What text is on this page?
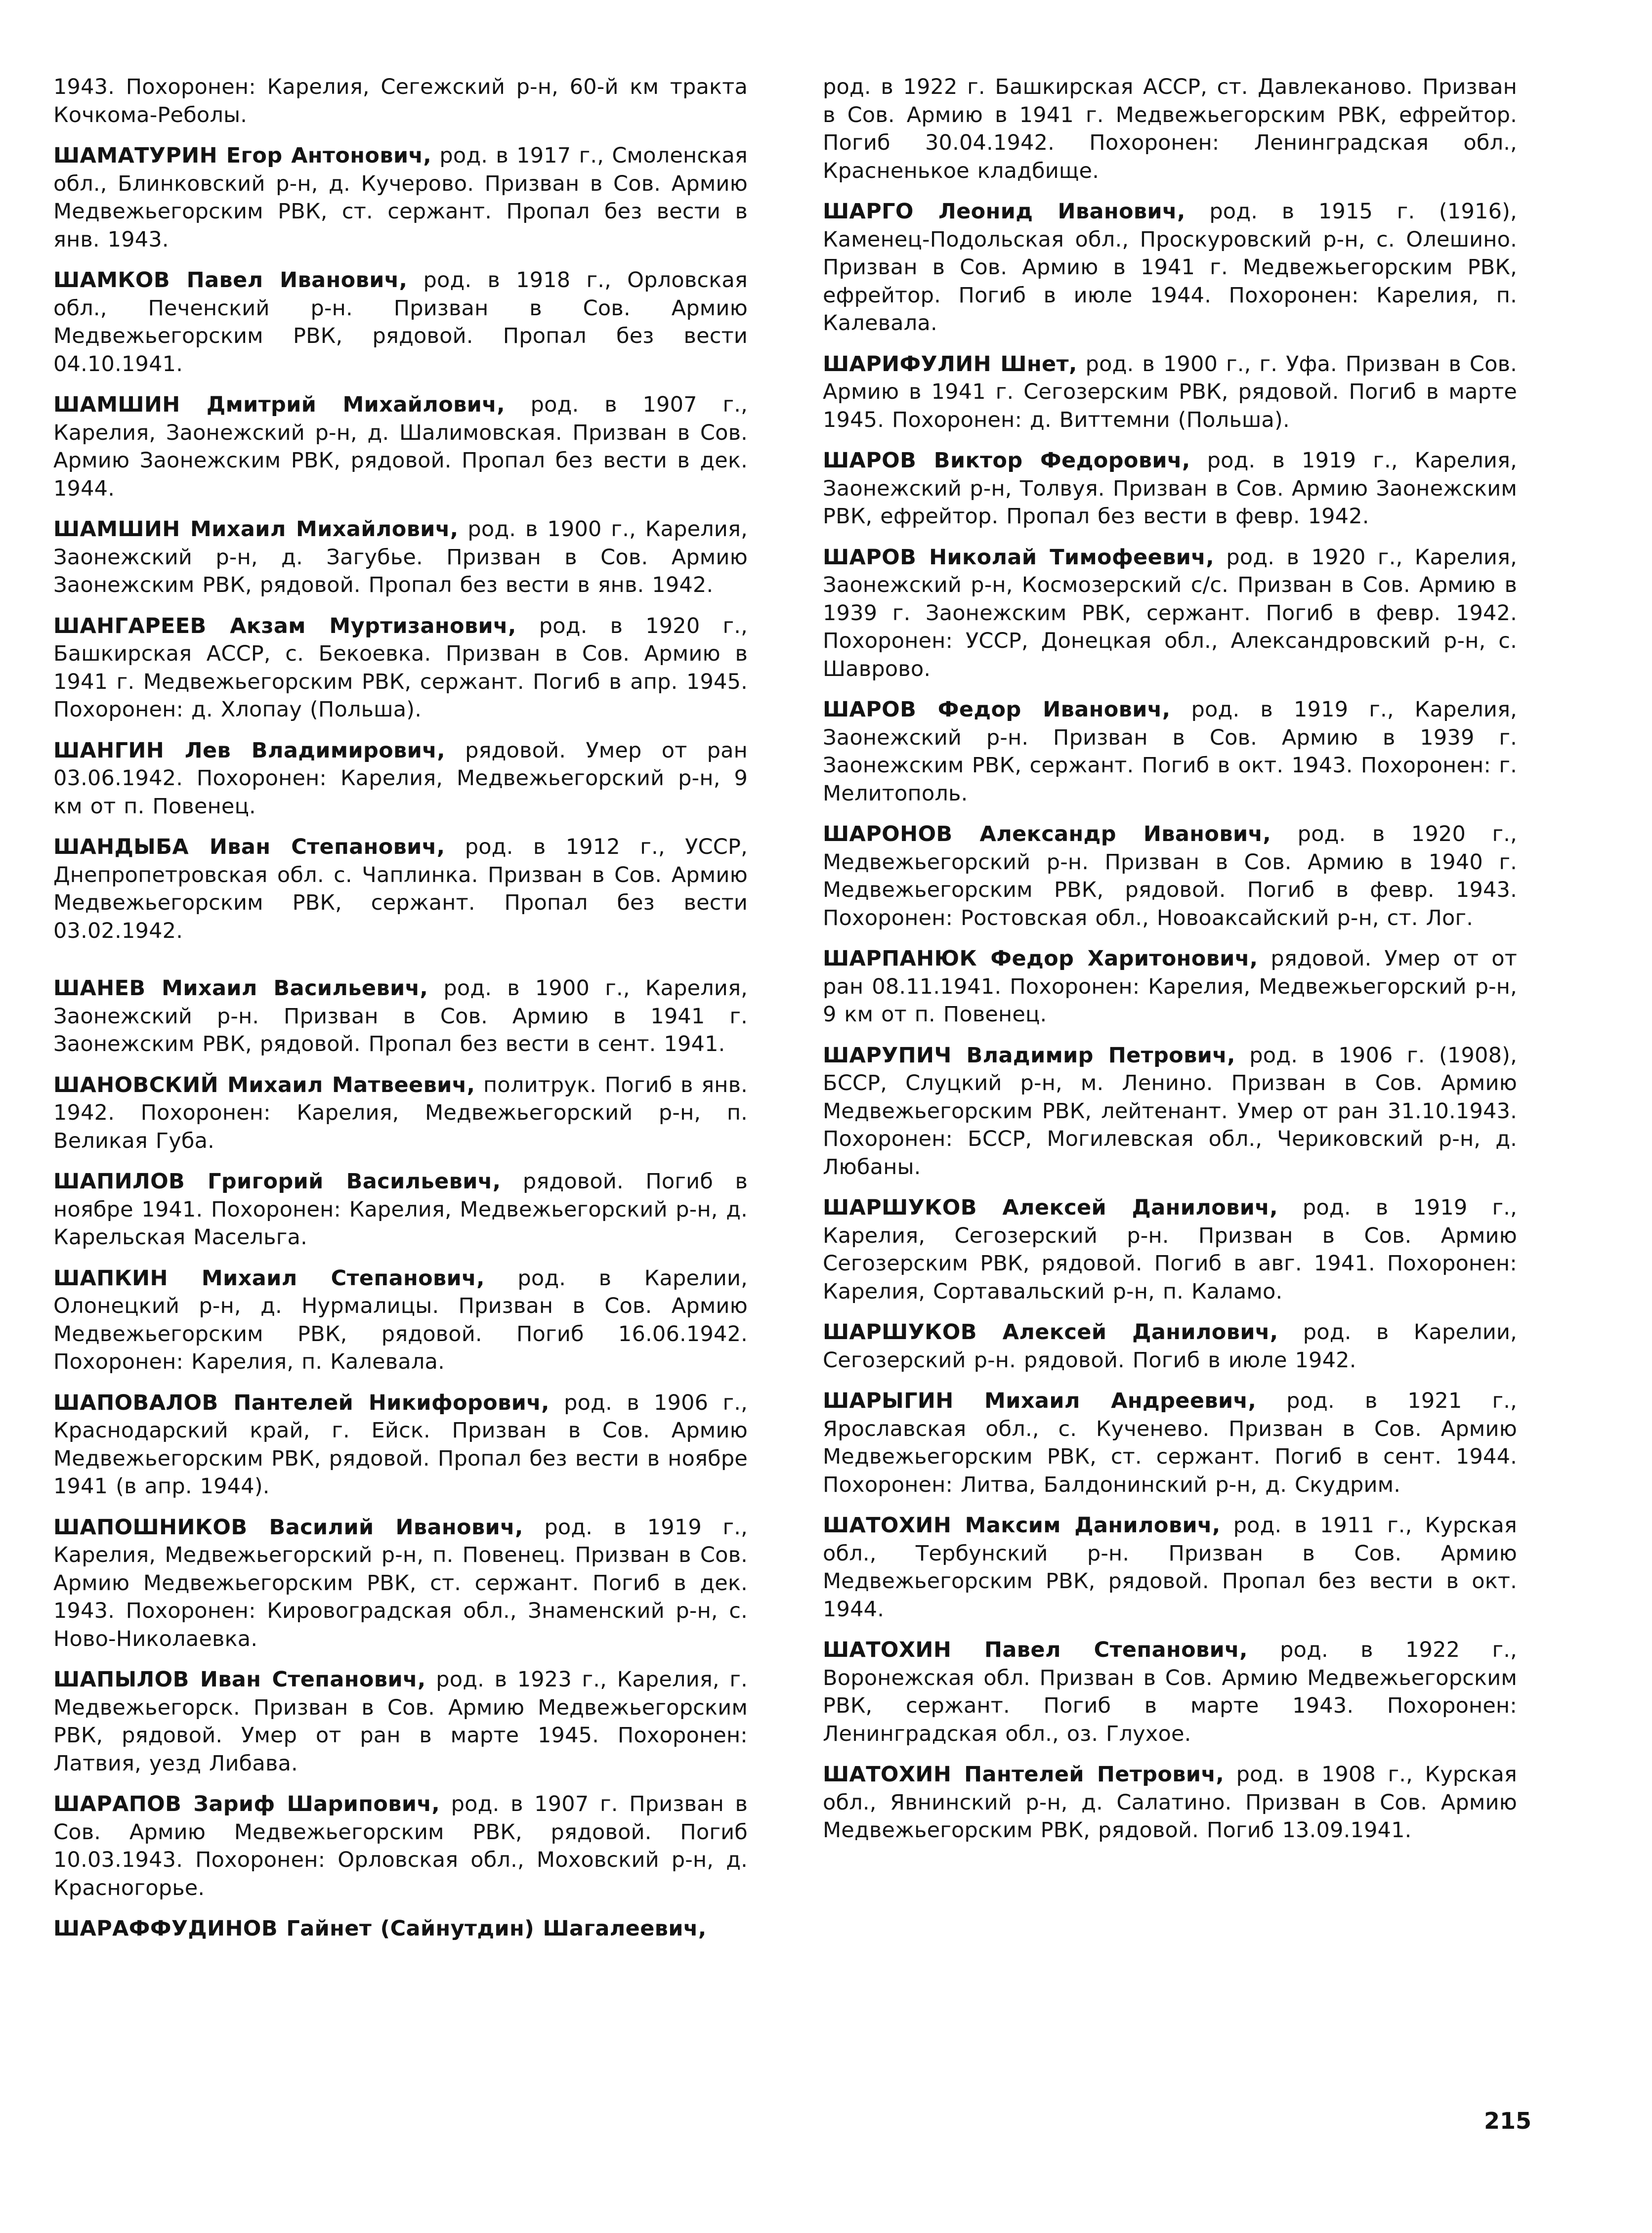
1943. Похоронен: Карелия, Сегежский р-н, 60-й км тракта Кочкома-Реболы.

ШАМАТУРИН Егор Антонович, род. в 1917 г., Смоленская обл., Блинковский р-н, д. Кучерово. Призван в Сов. Армию Медвежьегорским РВК, ст. сержант. Пропал без вести в янв. 1943.

ШАМКОВ Павел Иванович, род. в 1918 г., Орловская обл., Печенский р-н. Призван в Сов. Армию Медвежьегорским РВК, рядовой. Пропал без вести 04.10.1941.

ШАМШИН Дмитрий Михайлович, род. в 1907 г., Карелия, Заонежский р-н, д. Шалимовская. Призван в Сов. Армию Заонежским РВК, рядовой. Пропал без вести в дек. 1944.

ШАМШИН Михаил Михайлович, род. в 1900 г., Карелия, Заонежский р-н, д. Загубье. Призван в Сов. Армию Заонежским РВК, рядовой. Пропал без вести в янв. 1942.

ШАНГАРЕЕВ Акзам Муртизанович, род. в 1920 г., Башкирская АССР, с. Бекоевка. Призван в Сов. Армию в 1941 г. Медвежьегорским РВК, сержант. Погиб в апр. 1945. Похоронен: д. Хлопау (Польша).

ШАНГИН Лев Владимирович, рядовой. Умер от ран 03.06.1942. Похоронен: Карелия, Медвежьегорский р-н, 9 км от п. Повенец.

ШАНДЫБА Иван Степанович, род. в 1912 г., УССР, Днепропетровская обл. с. Чаплинка. Призван в Сов. Армию Медвежьегорским РВК, сержант. Пропал без вести 03.02.1942.

ШАНЕВ Михаил Васильевич, род. в 1900 г., Карелия, Заонежский р-н. Призван в Сов. Армию в 1941 г. Заонежским РВК, рядовой. Пропал без вести в сент. 1941.

ШАНОВСКИЙ Михаил Матвеевич, политрук. Погиб в янв. 1942. Похоронен: Карелия, Медвежьегорский р-н, п. Великая Губа.

ШАПИЛОВ Григорий Васильевич, рядовой. Погиб в ноябре 1941. Похоронен: Карелия, Медвежьегорский р-н, д. Карельская Масельга.

ШАПКИН Михаил Степанович, род. в Карелии, Олонецкий р-н, д. Нурмалицы. Призван в Сов. Армию Медвежьегорским РВК, рядовой. Погиб 16.06.1942. Похоронен: Карелия, п. Калевала.

ШАПОВАЛОВ Пантелей Никифорович, род. в 1906 г., Краснодарский край, г. Ейск. Призван в Сов. Армию Медвежьегорским РВК, рядовой. Пропал без вести в ноябре 1941 (в апр. 1944).

ШАПОШНИКОВ Василий Иванович, род. в 1919 г., Карелия, Медвежьегорский р-н, п. Повенец. Призван в Сов. Армию Медвежьегорским РВК, ст. сержант. Погиб в дек. 1943. Похоронен: Кировоградская обл., Знаменский р-н, с. Ново-Николаевка.

ШАПЫЛОВ Иван Степанович, род. в 1923 г., Карелия, г. Медвежьегорск. Призван в Сов. Армию Медвежьегорским РВК, рядовой. Умер от ран в марте 1945. Похоронен: Латвия, уезд Либава.

ШАРАПОВ Зариф Шарипович, род. в 1907 г. Призван в Сов. Армию Медвежьегорским РВК, рядовой. Погиб 10.03.1943. Похоронен: Орловская обл., Моховский р-н, д. Красногорье.

ШАРАФФУДИНОВ Гайнет (Сайнутдин) Шагалеевич,

род. в 1922 г. Башкирская АССР, ст. Давлеканово. Призван в Сов. Армию в 1941 г. Медвежьегорским РВК, ефрейтор. Погиб 30.04.1942. Похоронен: Ленинградская обл., Красненькое кладбище.

ШАРГО Леонид Иванович, род. в 1915 г. (1916), Каменец-Подольская обл., Проскуровский р-н, с. Олешино. Призван в Сов. Армию в 1941 г. Медвежьегорским РВК, ефрейтор. Погиб в июле 1944. Похоронен: Карелия, п. Калевала.

ШАРИФУЛИН Шнет, род. в 1900 г., г. Уфа. Призван в Сов. Армию в 1941 г. Сегозерским РВК, рядовой. Погиб в марте 1945. Похоронен: д. Виттемни (Польша).

ШАРОВ Виктор Федорович, род. в 1919 г., Карелия, Заонежский р-н, Толвуя. Призван в Сов. Армию Заонежским РВК, ефрейтор. Пропал без вести в февр. 1942.

ШАРОВ Николай Тимофеевич, род. в 1920 г., Карелия, Заонежский р-н, Космозерский с/с. Призван в Сов. Армию в 1939 г. Заонежским РВК, сержант. Погиб в февр. 1942. Похоронен: УССР, Донецкая обл., Александровский р-н, с. Шаврово.

ШАРОВ Федор Иванович, род. в 1919 г., Карелия, Заонежский р-н. Призван в Сов. Армию в 1939 г. Заонежским РВК, сержант. Погиб в окт. 1943. Похоронен: г. Мелитополь.

ШАРОНОВ Александр Иванович, род. в 1920 г., Медвежьегорский р-н. Призван в Сов. Армию в 1940 г. Медвежьегорским РВК, рядовой. Погиб в февр. 1943. Похоронен: Ростовская обл., Новоаксайский р-н, ст. Лог.

ШАРПАНЮК Федор Харитонович, рядовой. Умер от от ран 08.11.1941. Похоронен: Карелия, Медвежьегорский р-н, 9 км от п. Повенец.

ШАРУПИЧ Владимир Петрович, род. в 1906 г. (1908), БССР, Слуцкий р-н, м. Ленино. Призван в Сов. Армию Медвежьегорским РВК, лейтенант. Умер от ран 31.10.1943. Похоронен: БССР, Могилевская обл., Чериковский р-н, д. Любаны.

ШАРШУКОВ Алексей Данилович, род. в 1919 г., Карелия, Сегозерский р-н. Призван в Сов. Армию Сегозерским РВК, рядовой. Погиб в авг. 1941. Похоронен: Карелия, Сортавальский р-н, п. Каламо.

ШАРШУКОВ Алексей Данилович, род. в Карелии, Сегозерский р-н. рядовой. Погиб в июле 1942.

ШАРЫГИН Михаил Андреевич, род. в 1921 г., Ярославская обл., с. Кученево. Призван в Сов. Армию Медвежьегорским РВК, ст. сержант. Погиб в сент. 1944. Похоронен: Литва, Балдонинский р-н, д. Скудрим.

ШАТОХИН Максим Данилович, род. в 1911 г., Курская обл., Тербунский р-н. Призван в Сов. Армию Медвежьегорским РВК, рядовой. Пропал без вести в окт. 1944.

ШАТОХИН Павел Степанович, род. в 1922 г., Воронежская обл. Призван в Сов. Армию Медвежьегорским РВК, сержант. Погиб в марте 1943. Похоронен: Ленинградская обл., оз. Глухое.

ШАТОХИН Пантелей Петрович, род. в 1908 г., Курская обл., Явнинский р-н, д. Салатино. Призван в Сов. Армию Медвежьегорским РВК, рядовой. Погиб 13.09.1941.

215
